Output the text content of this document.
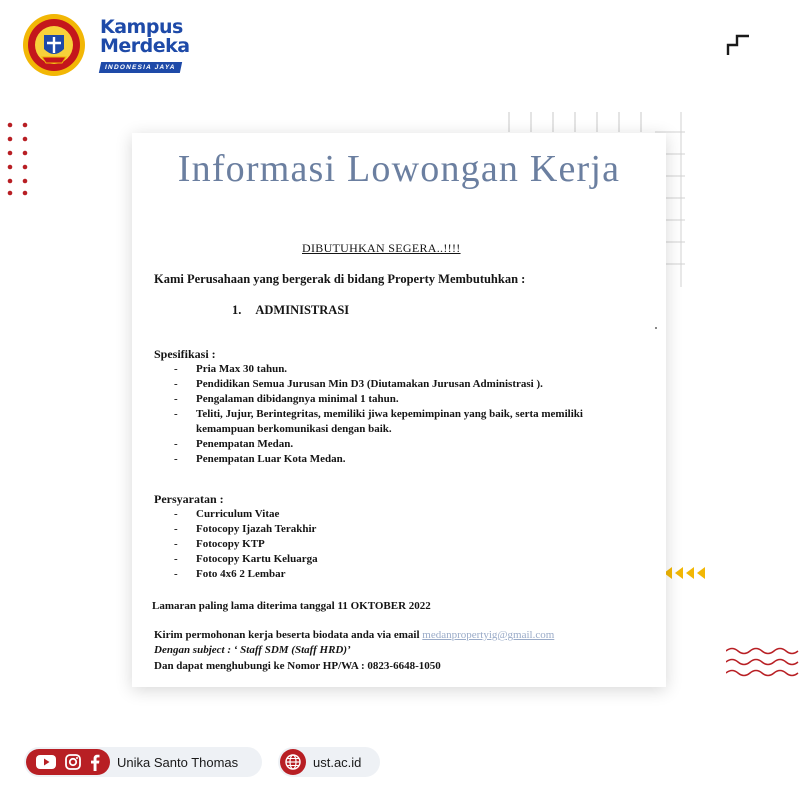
Kampus
Merdeka
INDONESIA JAYA
Informasi Lowongan Kerja
DIBUTUHKAN SEGERA..!!!!
Kami Perusahaan yang bergerak di bidang Property Membutuhkan :
1. ADMINISTRASI
Spesifikasi :
- Pria Max 30 tahun.
- Pendidikan Semua Jurusan Min D3 (Diutamakan Jurusan Administrasi ).
- Pengalaman dibidangnya minimal 1 tahun.
- Teliti, Jujur, Berintegritas, memiliki jiwa kepemimpinan yang baik, serta memiliki
kemampuan berkomunikasi dengan baik.
- Penempatan Medan.
- Penempatan Luar Kota Medan.
Persyaratan :
- Curriculum Vitae
- Fotocopy Ijazah Terakhir
- Fotocopy KTP
- Fotocopy Kartu Keluarga
- Foto 4x6 2 Lembar
Lamaran paling lama diterima tanggal 11 OKTOBER 2022
Kirim permohonan kerja beserta biodata anda via email medanpropertyig@gmail.com
Dengan subject : ‘ Staff SDM (Staff HRD)’
Dan dapat menghubungi ke Nomor HP/WA : 0823-6648-1050
Unika Santo Thomas	ust.ac.id
